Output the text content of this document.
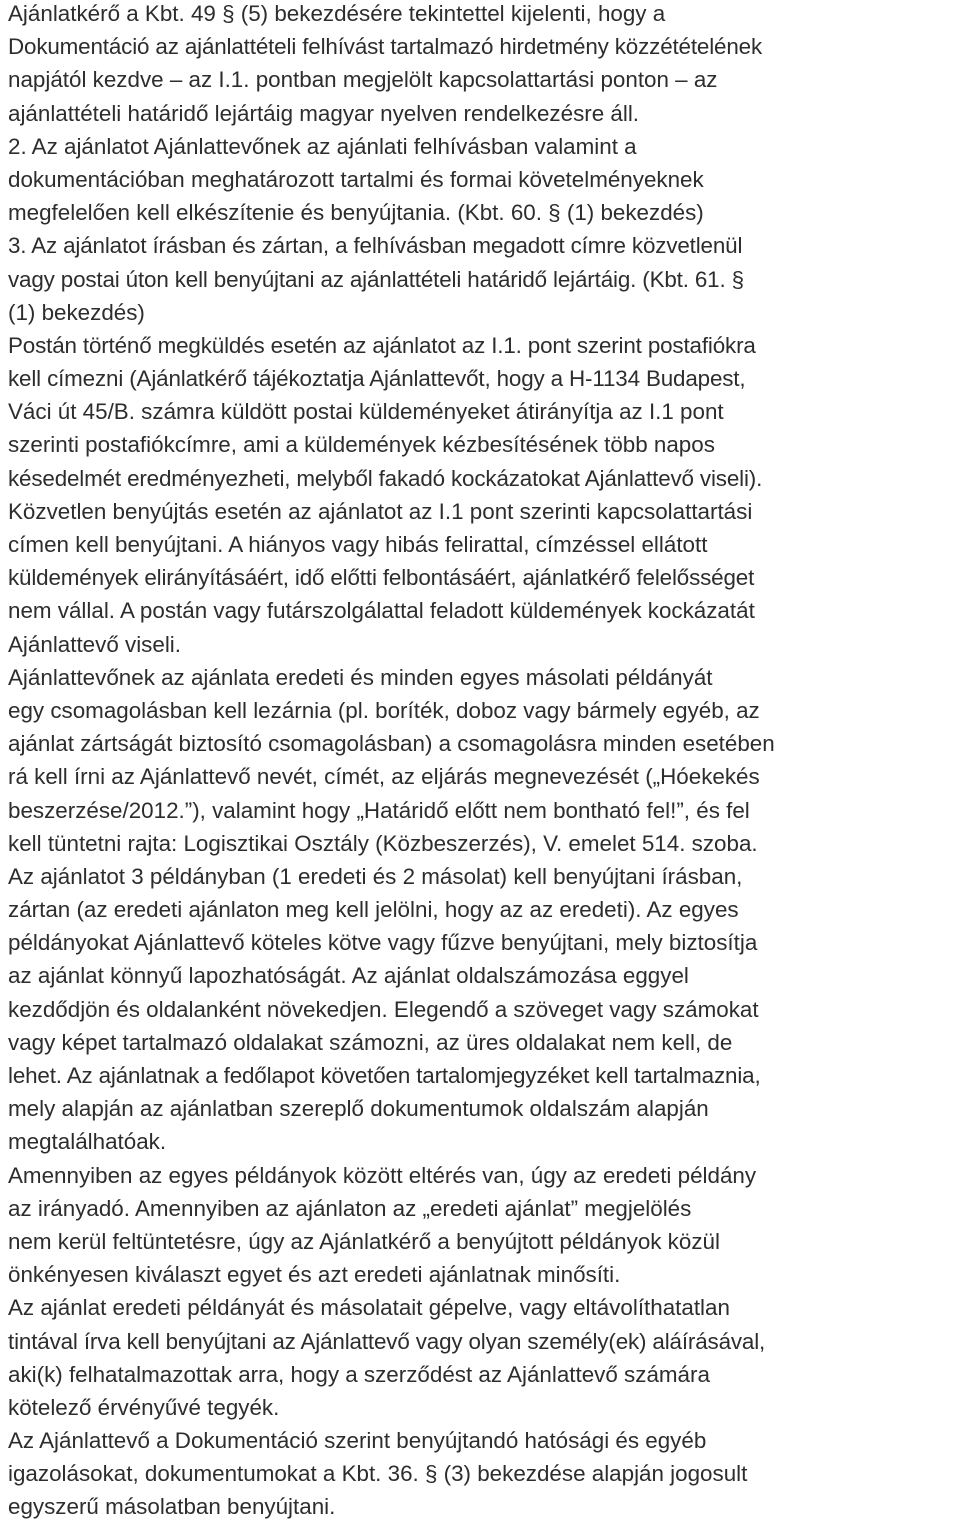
Ajánlatkérő a Kbt. 49 § (5) bekezdésére tekintettel kijelenti, hogy a
Dokumentáció az ajánlattételi felhívást tartalmazó hirdetmény közzétételének
napjától kezdve – az I.1. pontban megjelölt kapcsolattartási ponton – az
ajánlattételi határidő lejártáig magyar nyelven rendelkezésre áll.
2. Az ajánlatot Ajánlattevőnek az ajánlati felhívásban valamint a
dokumentációban meghatározott tartalmi és formai követelményeknek
megfelelően kell elkészítenie és benyújtania. (Kbt. 60. § (1) bekezdés)
3. Az ajánlatot írásban és zártan, a felhívásban megadott címre közvetlenül
vagy postai úton kell benyújtani az ajánlattételi határidő lejártáig. (Kbt. 61. §
(1) bekezdés)
Postán történő megküldés esetén az ajánlatot az I.1. pont szerint postafiókra
kell címezni (Ajánlatkérő tájékoztatja Ajánlattevőt, hogy a H-1134 Budapest,
Váci út 45/B. számra küldött postai küldeményeket átirányítja az I.1 pont
szerinti postafiókcímre, ami a küldemények kézbesítésének több napos
késedelmét eredményezheti, melyből fakadó kockázatokat Ajánlattevő viseli).
Közvetlen benyújtás esetén az ajánlatot az I.1 pont szerinti kapcsolattartási
címen kell benyújtani. A hiányos vagy hibás felirattal, címzéssel ellátott
küldemények elirányításáért, idő előtti felbontásáért, ajánlatkérő felelősséget
nem vállal. A postán vagy futárszolgálattal feladott küldemények kockázatát
Ajánlattevő viseli.
Ajánlattevőnek az ajánlata eredeti és minden egyes másolati példányát
egy csomagolásban kell lezárnia (pl. boríték, doboz vagy bármely egyéb, az
ajánlat zártságát biztosító csomagolásban) a csomagolásra minden esetében
rá kell írni az Ajánlattevő nevét, címét, az eljárás megnevezését („Hóekekés
beszerzése/2012.”), valamint hogy „Határidő előtt nem bontható fel!”, és fel
kell tüntetni rajta: Logisztikai Osztály (Közbeszerzés), V. emelet 514. szoba.
Az ajánlatot 3 példányban (1 eredeti és 2 másolat) kell benyújtani írásban,
zártan (az eredeti ajánlaton meg kell jelölni, hogy az az eredeti). Az egyes
példányokat Ajánlattevő köteles kötve vagy fűzve benyújtani, mely biztosítja
az ajánlat könnyű lapozhatóságát. Az ajánlat oldalszámozása eggyel
kezdődjön és oldalanként növekedjen. Elegendő a szöveget vagy számokat
vagy képet tartalmazó oldalakat számozni, az üres oldalakat nem kell, de
lehet. Az ajánlatnak a fedőlapot követően tartalomjegyzéket kell tartalmaznia,
mely alapján az ajánlatban szereplő dokumentumok oldalszám alapján
megtalálhatóak.
Amennyiben az egyes példányok között eltérés van, úgy az eredeti példány
az irányadó. Amennyiben az ajánlaton az „eredeti ajánlat” megjelölés
nem kerül feltüntetésre, úgy az Ajánlatkérő a benyújtott példányok közül
önkényesen kiválaszt egyet és azt eredeti ajánlatnak minősíti.
Az ajánlat eredeti példányát és másolatait gépelve, vagy eltávolíthatatlan
tintával írva kell benyújtani az Ajánlattevő vagy olyan személy(ek) aláírásával,
aki(k) felhatalmazottak arra, hogy a szerződést az Ajánlattevő számára
kötelező érvényűvé tegyék.
Az Ajánlattevő a Dokumentáció szerint benyújtandó hatósági és egyéb
igazolásokat, dokumentumokat a Kbt. 36. § (3) bekezdése alapján jogosult
egyszerű másolatban benyújtani.
